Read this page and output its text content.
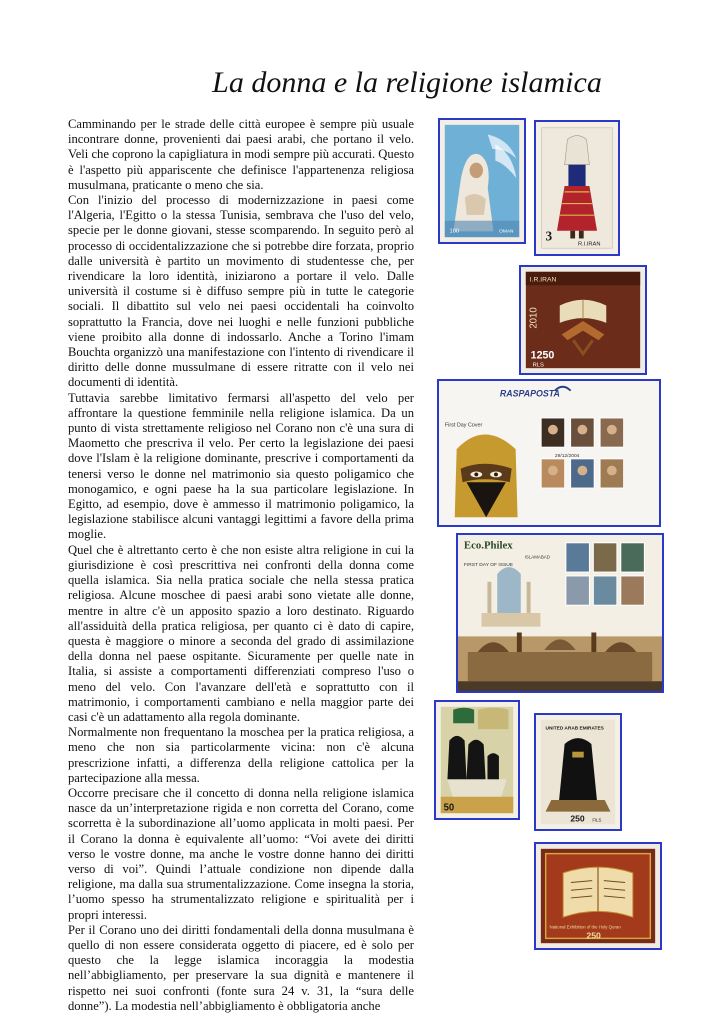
La donna e la religione islamica

Camminando per le strade delle città europee è sempre più usuale incontrare donne, provenienti dai paesi arabi, che portano il velo. Veli che coprono la capigliatura in modi sempre più accurati. Questo è l'aspetto più appariscente che definisce l'appartenenza religiosa musulmana, praticante o meno che sia.

Con l'inizio del processo di modernizzazione in paesi come l'Algeria, l'Egitto o la stessa Tunisia, sembrava che l'uso del velo, specie per le donne giovani, stesse scomparendo. In seguito però al processo di occidentalizzazione che si potrebbe dire forzata, proprio dalle università è partito un movimento di studentesse che, per rivendicare la loro identità, iniziarono a portare il velo. Dalle università il costume si è diffuso sempre più in tutte le categorie sociali. Il dibattito sul velo nei paesi occidentali ha coinvolto soprattutto la Francia, dove nei luoghi e nelle funzioni pubbliche viene proibito alla donne di indossarlo. Anche a Torino l'imam Bouchta organizzò una manifestazione con l'intento di rivendicare il diritto delle donne mussulmane di essere ritratte con il velo nei documenti di identità.

Tuttavia sarebbe limitativo fermarsi all'aspetto del velo per affrontare la questione femminile nella religione islamica. Da un punto di vista strettamente religioso nel Corano non c'è una sura di Maometto che prescriva il velo. Per certo la legislazione dei paesi dove l'Islam è la religione dominante, prescrive i comportamenti da tenersi verso le donne nel matrimonio sia questo poligamico che monogamico, e ogni paese ha la sua particolare legislazione. In Egitto, ad esempio, dove è ammesso il matrimonio poligamico, la legislazione stabilisce alcuni vantaggi legittimi a favore della prima moglie.

Quel che è altrettanto certo è che non esiste altra religione in cui la giurisdizione è così prescrittiva nei confronti della donna come quella islamica. Sia nella pratica sociale che nella stessa pratica religiosa. Alcune moschee di paesi arabi sono vietate alle donne, mentre in altre c'è un apposito spazio a loro destinato. Riguardo all'assiduità della pratica religiosa, per quanto ci è dato di capire, questa è maggiore o minore a seconda del grado di assimilazione della donna nel paese ospitante. Sicuramente per quelle nate in Italia, si assiste a comportamenti differenziati compreso l'uso o meno del velo. Con l'avanzare dell'età e soprattutto con il matrimonio, i comportamenti cambiano e nella maggior parte dei casi c'è un adattamento alla regola dominante.

Normalmente non frequentano la moschea per la pratica religiosa, a meno che non sia particolarmente vicina: non c'è alcuna prescrizione infatti, a differenza della religione cattolica per la partecipazione alla messa.

Occorre precisare che il concetto di donna nella religione islamica nasce da un’interpretazione rigida e non corretta del Corano, come scorretta è la subordinazione all’uomo applicata in molti paesi. Per il Corano la donna è equivalente all’uomo: “Voi avete dei diritti verso le vostre donne, ma anche le vostre donne hanno dei diritti verso di voi”. Quindi l’attuale condizione non dipende dalla religione, ma dalla sua strumentalizzazione. Come insegna la storia, l’uomo spesso ha strumentalizzato religione e spiritualità per i propri interessi.

Per il Corano uno dei diritti fondamentali della donna musulmana è quello di non essere considerata oggetto di piacere, ed è solo per questo che la legge islamica incoraggia la modestia nell’abbigliamento, per preservare la sua dignità e mantenere il rispetto nei suoi confronti (fonte sura 24 v. 31, la “sura delle donne”). La modestia nell’abbigliamento è obbligatoria anche

100	OMAN 3
R.I.IRAN
I.R.IRAN
2010
1250
RLS
RASPAPOSTA
First Day Cover
29/12/2004
Eco.Philex
ISLAMABAD
FIRST DAY OF ISSUE
50
UNITED ARAB EMIRATES
250 FILS
National Exhibition of the Holy Quran
250
